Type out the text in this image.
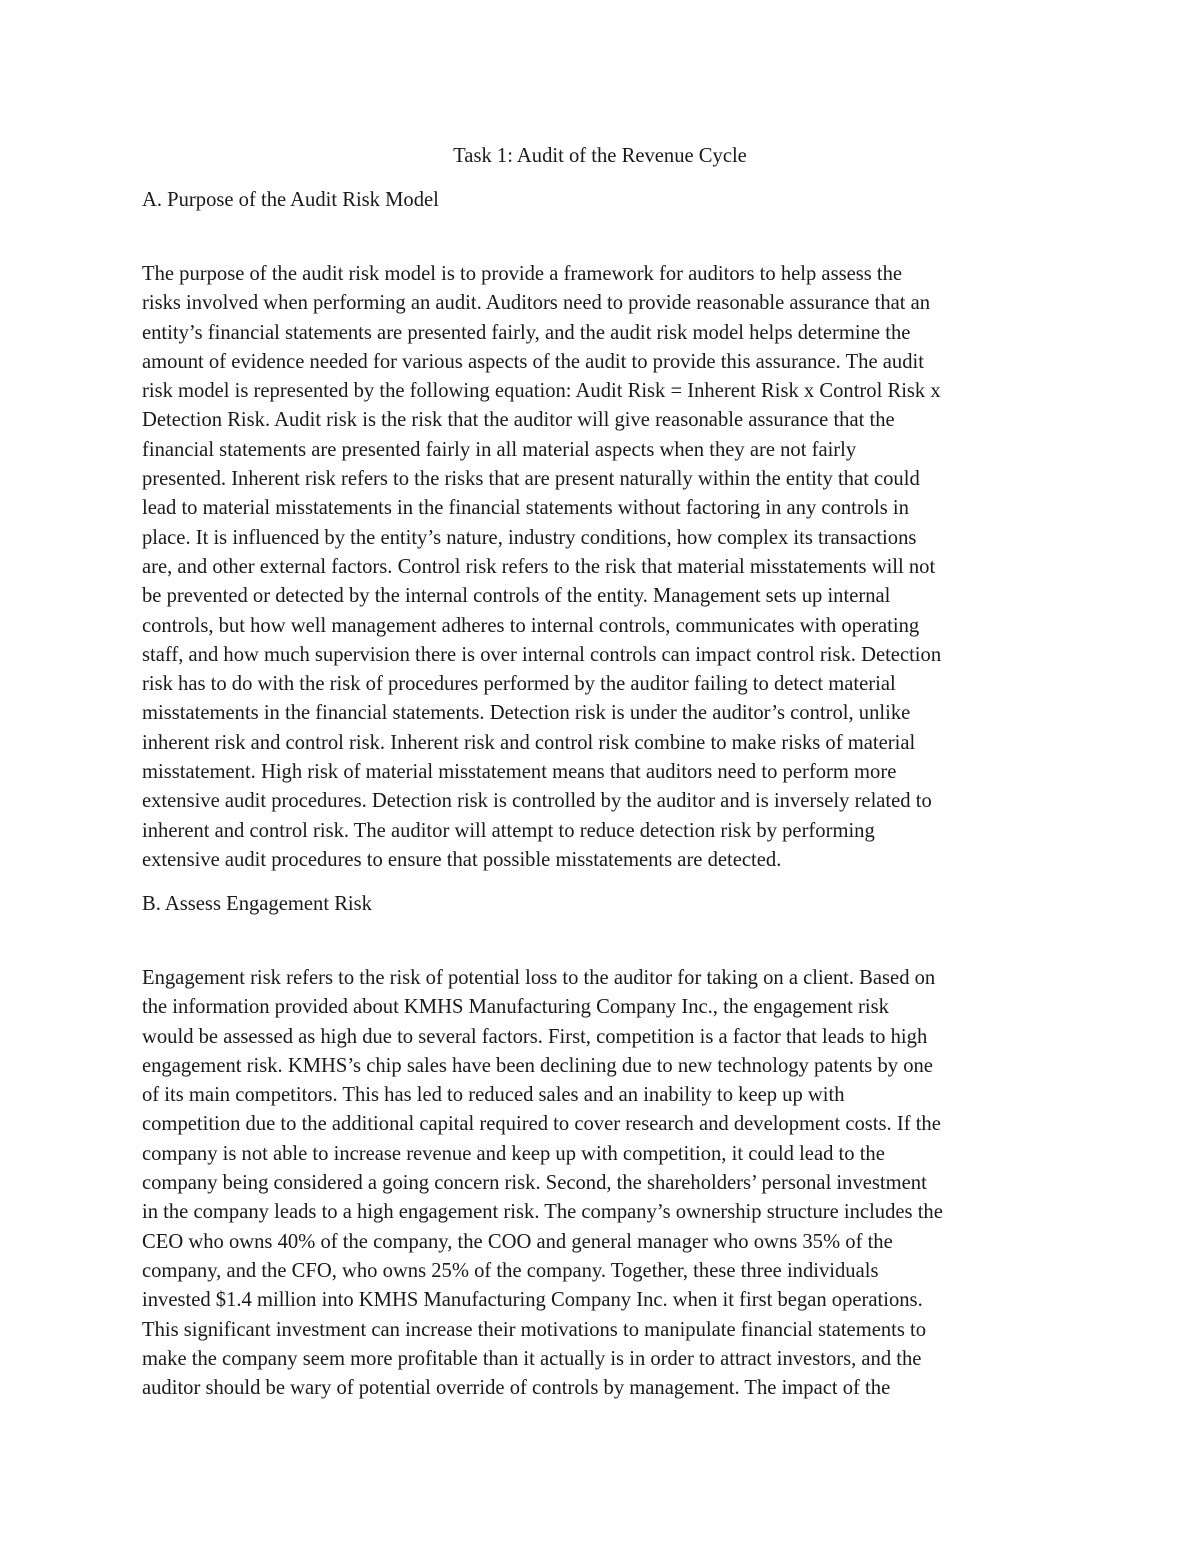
Task 1: Audit of the Revenue Cycle
A. Purpose of the Audit Risk Model
The purpose of the audit risk model is to provide a framework for auditors to help assess the
risks involved when performing an audit. Auditors need to provide reasonable assurance that an
entity’s financial statements are presented fairly, and the audit risk model helps determine the
amount of evidence needed for various aspects of the audit to provide this assurance. The audit
risk model is represented by the following equation: Audit Risk = Inherent Risk x Control Risk x
Detection Risk. Audit risk is the risk that the auditor will give reasonable assurance that the
financial statements are presented fairly in all material aspects when they are not fairly
presented. Inherent risk refers to the risks that are present naturally within the entity that could
lead to material misstatements in the financial statements without factoring in any controls in
place. It is influenced by the entity’s nature, industry conditions, how complex its transactions
are, and other external factors. Control risk refers to the risk that material misstatements will not
be prevented or detected by the internal controls of the entity. Management sets up internal
controls, but how well management adheres to internal controls, communicates with operating
staff, and how much supervision there is over internal controls can impact control risk. Detection
risk has to do with the risk of procedures performed by the auditor failing to detect material
misstatements in the financial statements. Detection risk is under the auditor’s control, unlike
inherent risk and control risk. Inherent risk and control risk combine to make risks of material
misstatement. High risk of material misstatement means that auditors need to perform more
extensive audit procedures. Detection risk is controlled by the auditor and is inversely related to
inherent and control risk. The auditor will attempt to reduce detection risk by performing
extensive audit procedures to ensure that possible misstatements are detected.
B. Assess Engagement Risk
Engagement risk refers to the risk of potential loss to the auditor for taking on a client. Based on
the information provided about KMHS Manufacturing Company Inc., the engagement risk
would be assessed as high due to several factors. First, competition is a factor that leads to high
engagement risk. KMHS’s chip sales have been declining due to new technology patents by one
of its main competitors. This has led to reduced sales and an inability to keep up with
competition due to the additional capital required to cover research and development costs. If the
company is not able to increase revenue and keep up with competition, it could lead to the
company being considered a going concern risk. Second, the shareholders’ personal investment
in the company leads to a high engagement risk. The company’s ownership structure includes the
CEO who owns 40% of the company, the COO and general manager who owns 35% of the
company, and the CFO, who owns 25% of the company. Together, these three individuals
invested $1.4 million into KMHS Manufacturing Company Inc. when it first began operations.
This significant investment can increase their motivations to manipulate financial statements to
make the company seem more profitable than it actually is in order to attract investors, and the
auditor should be wary of potential override of controls by management. The impact of the
